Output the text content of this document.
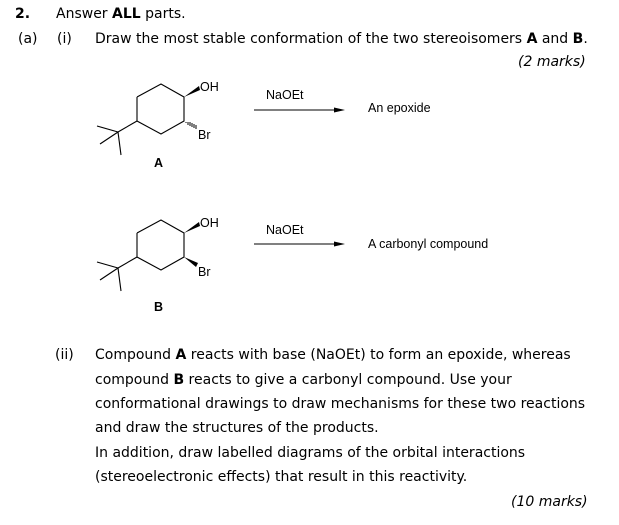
2. Answer ALL parts.
(a) (i) Draw the most stable conformation of the two stereoisomers A and B.
(2 marks)
OH
Br
A
NaOEt
An epoxide
OH
Br
B
NaOEt
A carbonyl compound
(ii) Compound A reacts with base (NaOEt) to form an epoxide, whereas
compound B reacts to give a carbonyl compound. Use your
conformational drawings to draw mechanisms for these two reactions
and draw the structures of the products.
In addition, draw labelled diagrams of the orbital interactions
(stereoelectronic effects) that result in this reactivity.
(10 marks)
